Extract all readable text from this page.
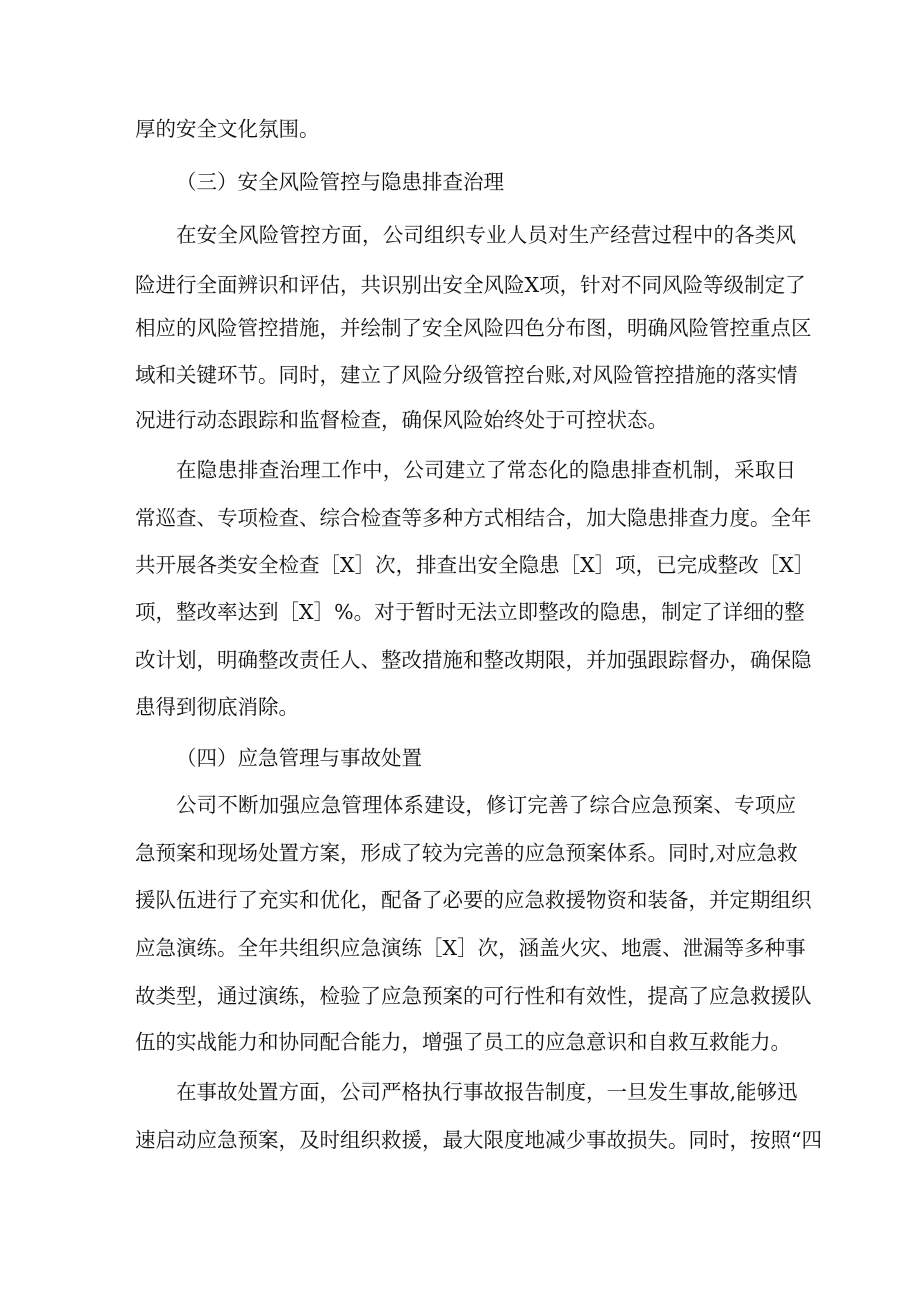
厚的安全文化氛围。
（三）安全风险管控与隐患排查治理
在安全风险管控方面，公司组织专业人员对生产经营过程中的各类风
险进行全面辨识和评估，共识别出安全风险X项，针对不同风险等级制定了
相应的风险管控措施，并绘制了安全风险四色分布图，明确风险管控重点区
域和关键环节。同时，建立了风险分级管控台账,对风险管控措施的落实情
况进行动态跟踪和监督检查，确保风险始终处于可控状态。
在隐患排查治理工作中，公司建立了常态化的隐患排查机制，采取日
常巡查、专项检查、综合检查等多种方式相结合，加大隐患排查力度。全年
共开展各类安全检查［X］次，排查出安全隐患［X］项，已完成整改［X］
项，整改率达到［X］%。对于暂时无法立即整改的隐患，制定了详细的整
改计划，明确整改责任人、整改措施和整改期限，并加强跟踪督办，确保隐
患得到彻底消除。
（四）应急管理与事故处置
公司不断加强应急管理体系建设，修订完善了综合应急预案、专项应
急预案和现场处置方案，形成了较为完善的应急预案体系。同时,对应急救
援队伍进行了充实和优化，配备了必要的应急救援物资和装备，并定期组织
应急演练。全年共组织应急演练［X］次，涵盖火灾、地震、泄漏等多种事
故类型，通过演练，检验了应急预案的可行性和有效性，提高了应急救援队
伍的实战能力和协同配合能力，增强了员工的应急意识和自救互救能力。
在事故处置方面，公司严格执行事故报告制度，一旦发生事故,能够迅
速启动应急预案，及时组织救援，最大限度地减少事故损失。同时，按照“四
